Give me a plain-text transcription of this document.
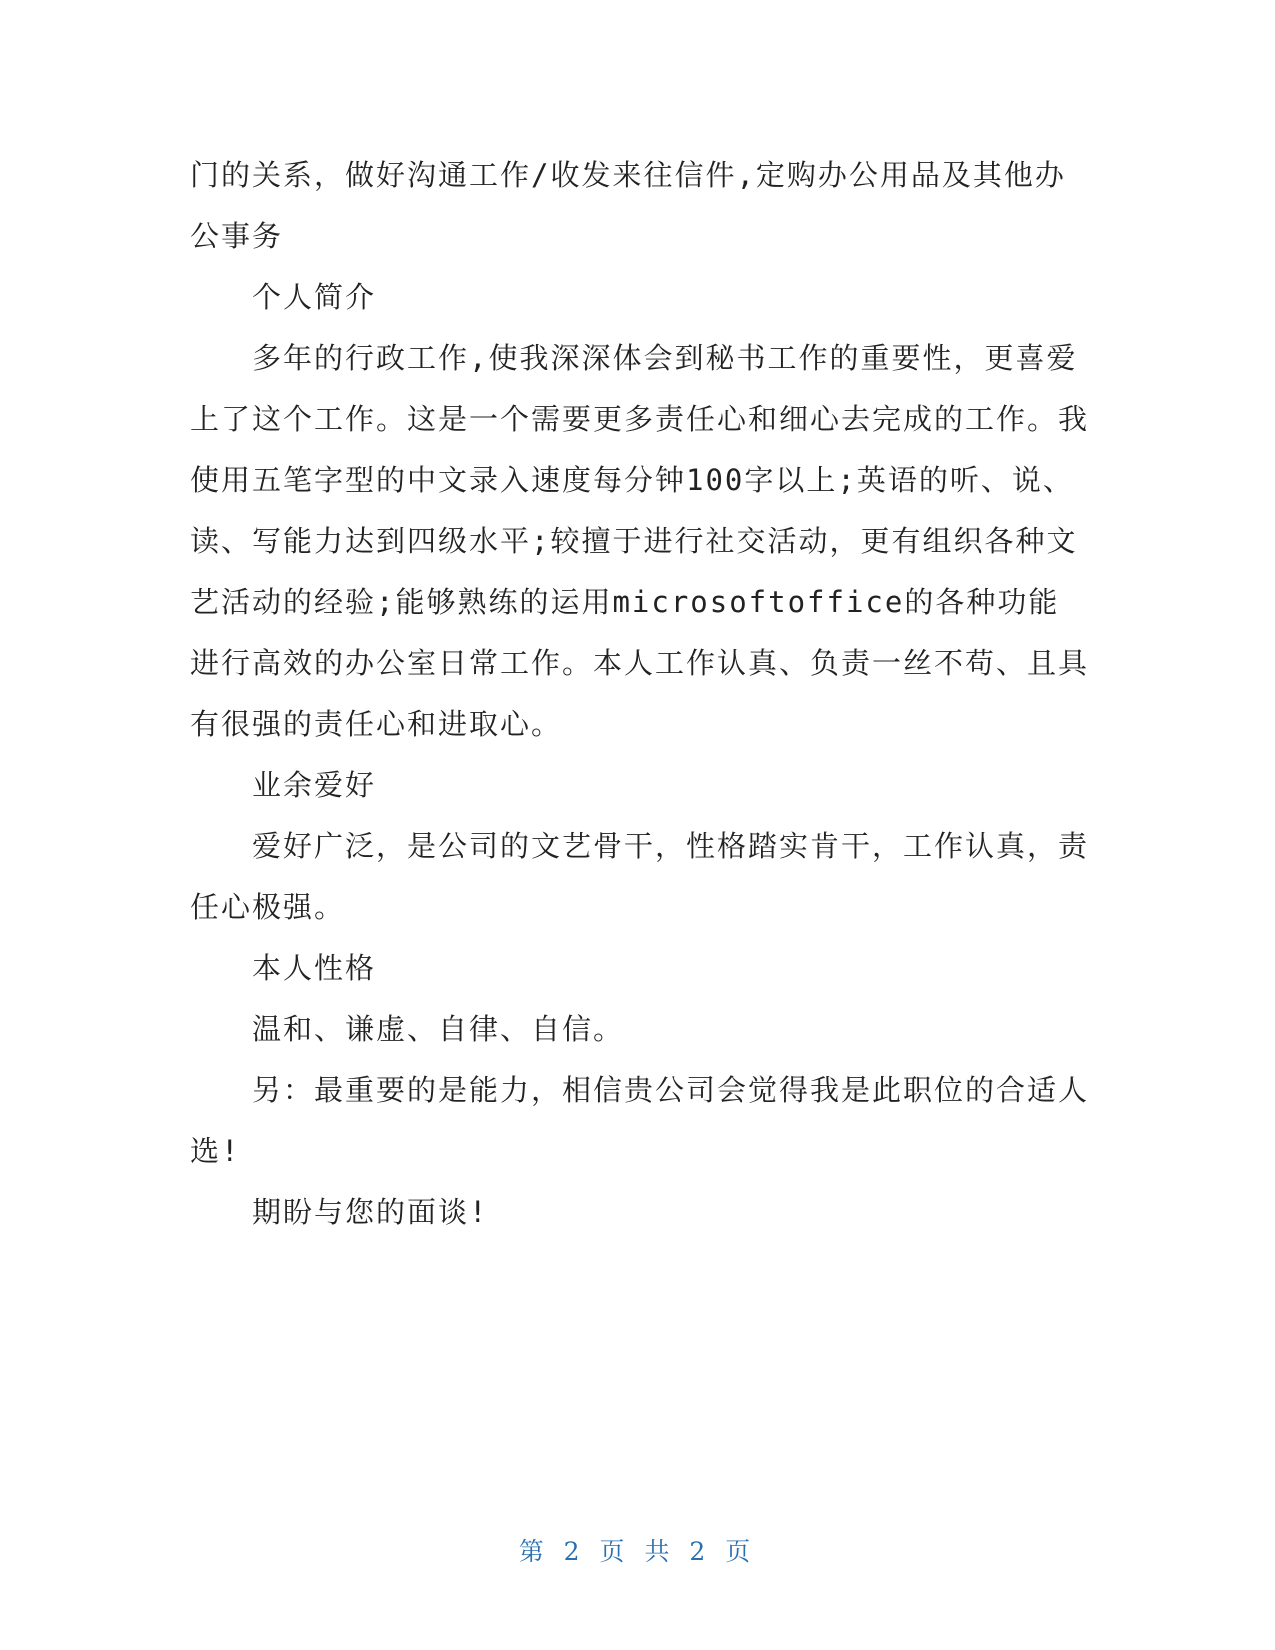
门的关系，做好沟通工作/收发来往信件,定购办公用品及其他办公事务

个人简介

多年的行政工作,使我深深体会到秘书工作的重要性，更喜爱上了这个工作。这是一个需要更多责任心和细心去完成的工作。我使用五笔字型的中文录入速度每分钟100字以上;英语的听、说、读、写能力达到四级水平;较擅于进行社交活动，更有组织各种文艺活动的经验;能够熟练的运用microsoftoffice的各种功能进行高效的办公室日常工作。本人工作认真、负责一丝不苟、且具有很强的责任心和进取心。

业余爱好

爱好广泛，是公司的文艺骨干，性格踏实肯干，工作认真，责任心极强。

本人性格

温和、谦虚、自律、自信。

另：最重要的是能力，相信贵公司会觉得我是此职位的合适人选!

期盼与您的面谈!

第 2 页 共 2 页
